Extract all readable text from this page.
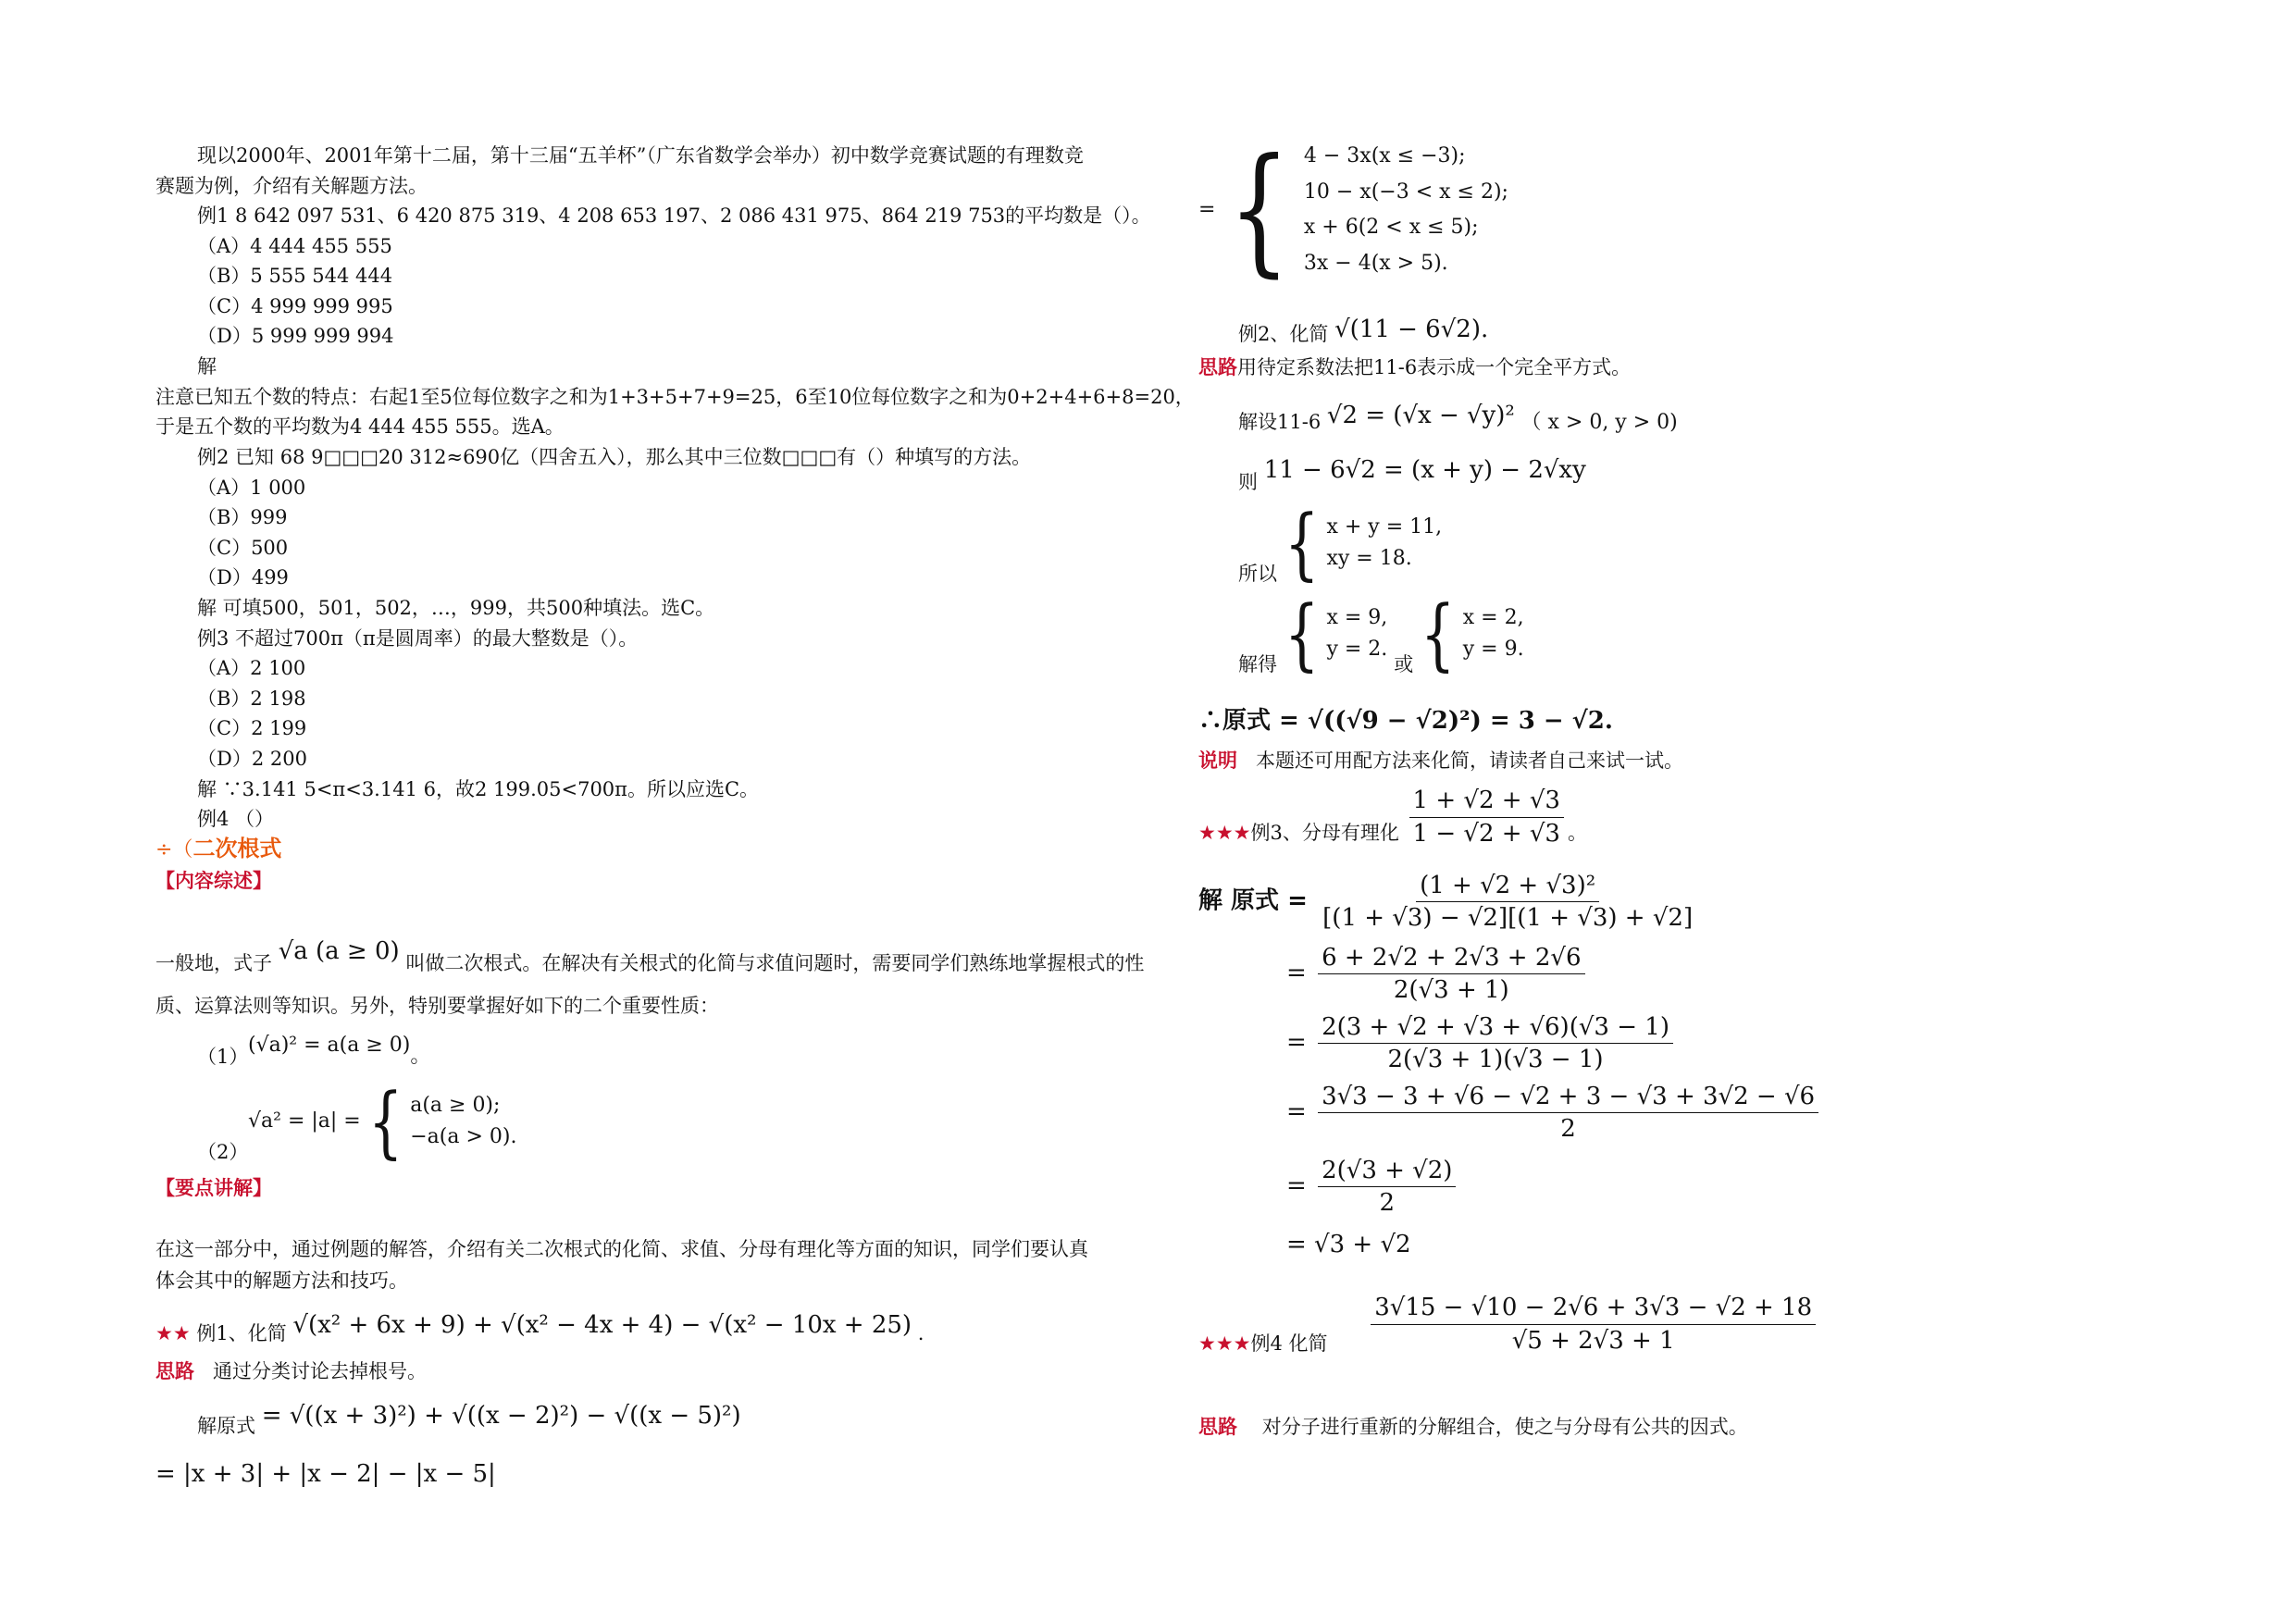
现以2000年、2001年第十二届，第十三届“五羊杯”（广东省数学会举办）初中数学竞赛试题的有理数竞
赛题为例，介绍有关解题方法。
例1 8 642 097 531、6 420 875 319、4 208 653 197、2 086 431 975、864 219 753的平均数是（）。
（A）4 444 455 555
（B）5 555 544 444
（C）4 999 999 995
（D）5 999 999 994
解
注意已知五个数的特点：右起1至5位每位数字之和为1+3+5+7+9=25，6至10位每位数字之和为0+2+4+6+8=20，
于是五个数的平均数为4 444 455 555。选A。
例2 已知 68 9□□□20 312≈690亿（四舍五入），那么其中三位数□□□有（）种填写的方法。
（A）1 000
（B）999
（C）500
（D）499
解 可填500，501，502，…，999，共500种填法。选C。
例3 不超过700π（π是圆周率）的最大整数是（）。
（A）2 100
（B）2 198
（C）2 199
（D）2 200
解 ∵3.141 5<π<3.141 6，故2 199.05<700π。所以应选C。
例4 （）
÷（二次根式
【内容综述】
一般地，式子 √a (a ≥ 0) 叫做二次根式。在解决有关根式的化简与求值问题时，需要同学们熟练地掌握根式的性
质、运算法则等知识。另外，特别要掌握好如下的二个重要性质：
（1） (√a)² = a(a ≥ 0)。
（2）
√a² = |a| ={ a(a ≥ 0);
−a(a > 0).
【要点讲解】
在这一部分中，通过例题的解答，介绍有关二次根式的化简、求值、分母有理化等方面的知识，同学们要认真
体会其中的解题方法和技巧。
★★ 例1、化简 √(x² + 6x + 9) + √(x² − 4x + 4) − √(x² − 10x + 25) .
思路 通过分类讨论去掉根号。
解原式 = √((x + 3)²) + √((x − 2)²) − √((x − 5)²)
= |x + 3| + |x − 2| − |x − 5|
={ 4 − 3x(x ≤ −3);
10 − x(−3 < x ≤ 2);
x + 6(2 < x ≤ 5);
3x − 4(x > 5).
例2、化简 √(11 − 6√2).
思路用待定系数法把11-6表示成一个完全平方式。
解设11-6 √2 = (√x − √y)² （ x > 0, y > 0)
则 11 − 6√2 = (x + y) − 2√xy
所以{ x + y = 11,
xy = 18.
解得{ x = 9,
y = 2.
或{ x = 2,
y = 9.
∴原式 = √((√9 − √2)²) = 3 − √2.
说明 本题还可用配方法来化简，请读者自己来试一试。
★★★例3、分母有理化 $\frac{1 + √2 + √3}{1 - √2 + √3}$ 。
解 原式 = $\frac{\text{(1 + √2 + √3)²}}{[(1 + √3) - √2][(1 + √3) + √2]}$
= $\frac{6 + 2√2 + 2√3 + 2√6}{2(√3 + 1)}$
= $\frac{2(3 + √2 + √3 + √6)(√3 - 1)}{2(√3 + 1)(√3 - 1)}$
= $\frac{3√3 - 3 + √6 - √2 + 3 - √3 + 3√2 - √6}{2}$
= $\frac{2(√3 + √2)}{2}$
= √3 + √2
★★★例4 化简 $\frac{3√15 - √10 - 2√6 + 3√3 - √2 + 18}{√5 + 2√3 + 1}$
思路 对分子进行重新的分解组合，使之与分母有公共的因式。
